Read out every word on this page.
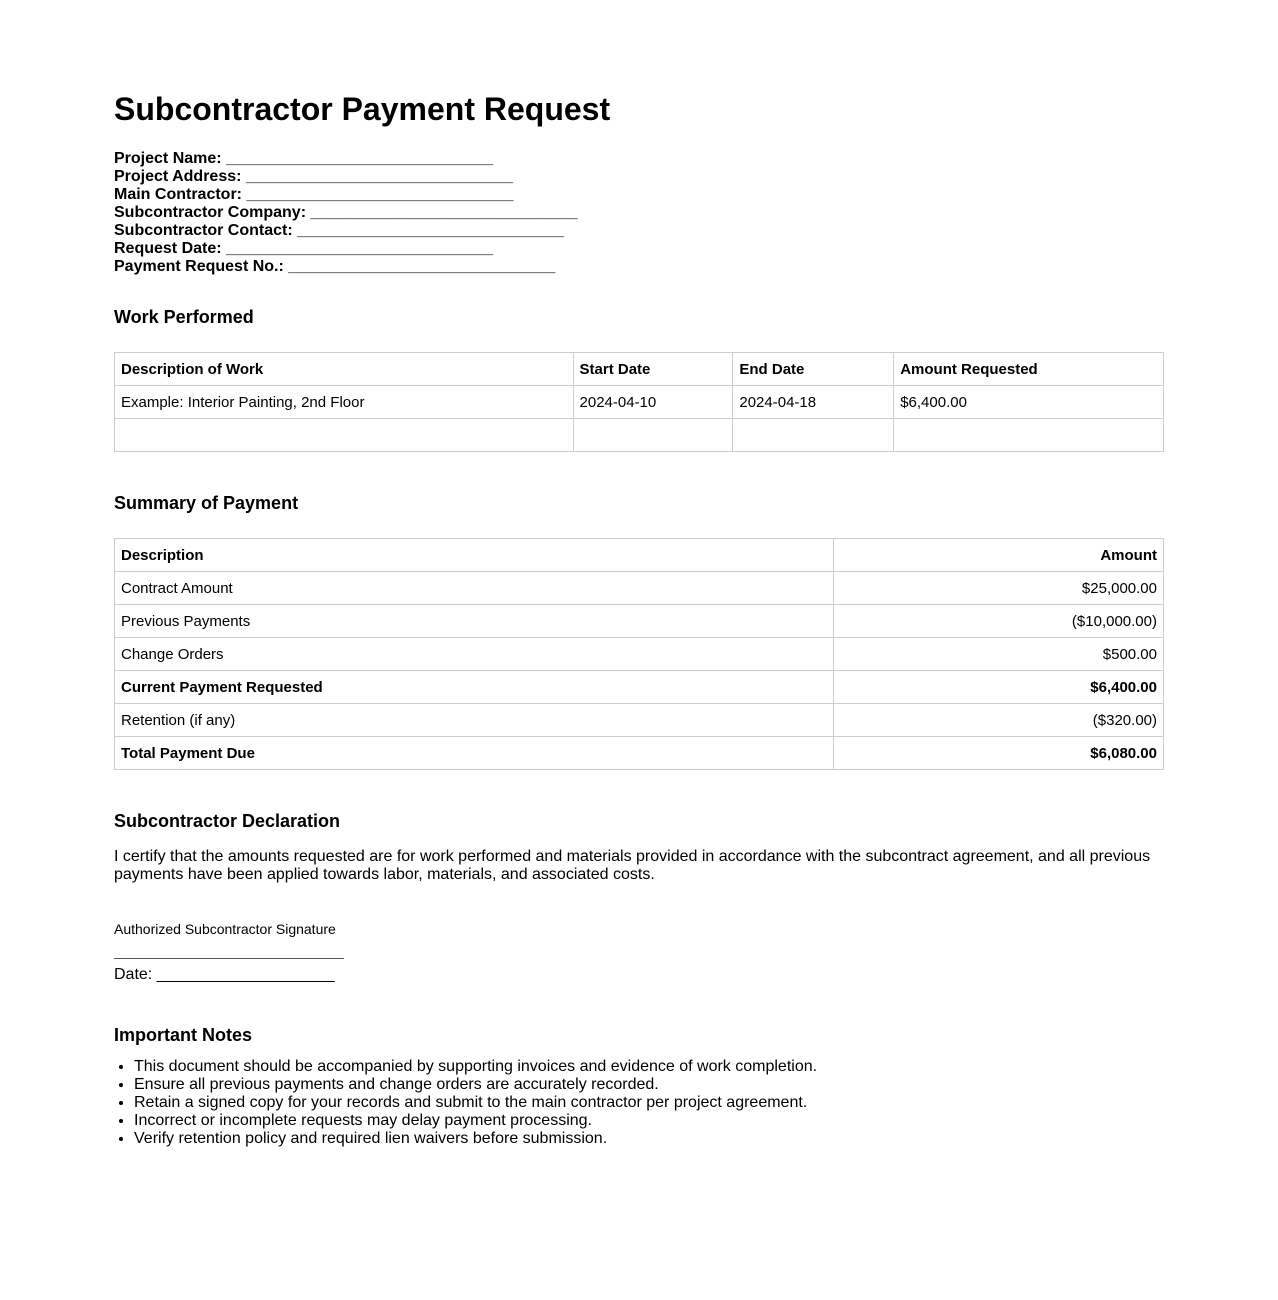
Subcontractor Payment Request
Project Name: ______________________________
Project Address: ______________________________
Main Contractor: ______________________________
Subcontractor Company: ______________________________
Subcontractor Contact: ______________________________
Request Date: ______________________________
Payment Request No.: ______________________________
Work Performed
Description of Work	Start Date	End Date	Amount Requested
Example: Interior Painting, 2nd Floor	2024-04-10	2024-04-18	$6,400.00

Summary of Payment
Description	Amount
Contract Amount	$25,000.00
Previous Payments	($10,000.00)
Change Orders	$500.00
Current Payment Requested	$6,400.00
Retention (if any)	($320.00)
Total Payment Due	$6,080.00
Subcontractor Declaration
I certify that the amounts requested are for work performed and materials provided in accordance with the subcontract agreement, and all previous payments have been applied towards labor, materials, and associated costs.
Authorized Subcontractor Signature
Date: ____________________
Important Notes
• This document should be accompanied by supporting invoices and evidence of work completion.
• Ensure all previous payments and change orders are accurately recorded.
• Retain a signed copy for your records and submit to the main contractor per project agreement.
• Incorrect or incomplete requests may delay payment processing.
• Verify retention policy and required lien waivers before submission.
